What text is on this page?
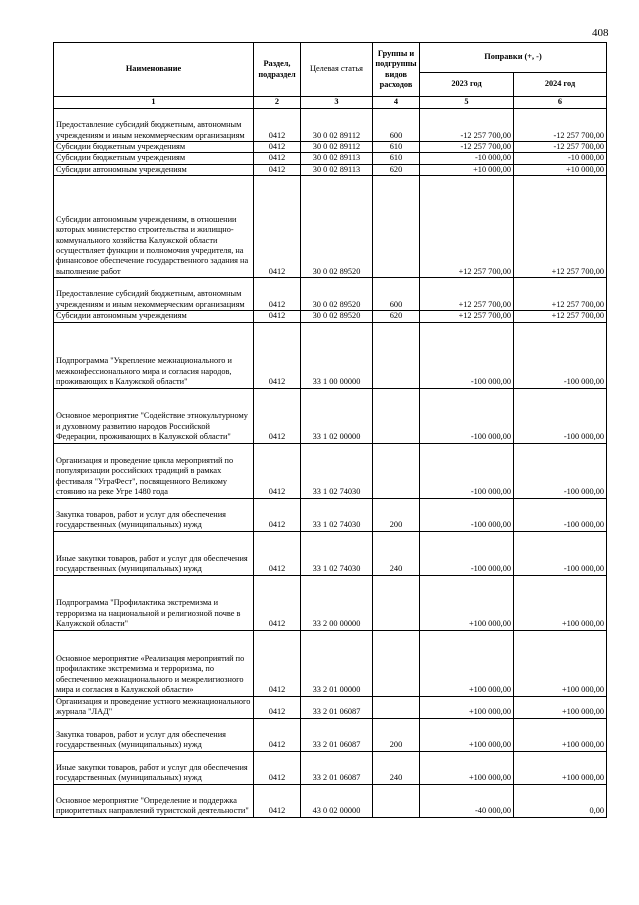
408
Наименование	Раздел, подраздел	Целевая статья	Группы и подгруппы видов расходов	Поправки (+, -)	
				2023 год	2024 год
1	2	3	4	5	6
Предоставление субсидий бюджетным, автономным учреждениям и иным некоммерческим организациям	0412	30 0 02 89112	600	-12 257 700,00	-12 257 700,00
Субсидии бюджетным учреждениям	0412	30 0 02 89112	610	-12 257 700,00	-12 257 700,00
Субсидии бюджетным учреждениям	0412	30 0 02 89113	610	-10 000,00	-10 000,00
Субсидии автономным учреждениям	0412	30 0 02 89113	620	+10 000,00	+10 000,00
Субсидии автономным учреждениям, в отношении которых министерство строительства и жилищно-коммунального хозяйства Калужской области осуществляет функции и полномочия учредителя, на финансовое обеспечение государственного задания на выполнение работ	0412	30 0 02 89520		+12 257 700,00	+12 257 700,00
Предоставление субсидий бюджетным, автономным учреждениям и иным некоммерческим организациям	0412	30 0 02 89520	600	+12 257 700,00	+12 257 700,00
Субсидии автономным учреждениям	0412	30 0 02 89520	620	+12 257 700,00	+12 257 700,00
Подпрограмма "Укрепление межнационального и межконфессионального мира и согласия народов, проживающих в Калужской области"	0412	33 1 00 00000		-100 000,00	-100 000,00
Основное мероприятие "Содействие этнокультурному и духовному развитию народов Российской Федерации, проживающих в Калужской области"	0412	33 1 02 00000		-100 000,00	-100 000,00
Организация и проведение цикла мероприятий по популяризации российских традиций в рамках фестиваля "УграФест", посвященного Великому стоянию на реке Угре 1480 года	0412	33 1 02 74030		-100 000,00	-100 000,00
Закупка товаров, работ и услуг для обеспечения государственных (муниципальных) нужд	0412	33 1 02 74030	200	-100 000,00	-100 000,00
Иные закупки товаров, работ и услуг для обеспечения государственных (муниципальных) нужд	0412	33 1 02 74030	240	-100 000,00	-100 000,00
Подпрограмма "Профилактика экстремизма и терроризма на национальной и религиозной почве в Калужской области"	0412	33 2 00 00000		+100 000,00	+100 000,00
Основное мероприятие «Реализация мероприятий по профилактике экстремизма и терроризма, по обеспечению межнационального и межрелигиозного мира и согласия в Калужской области»	0412	33 2 01 00000		+100 000,00	+100 000,00
Организация и проведение устного межнационального журнала "ЛАД"	0412	33 2 01 06087		+100 000,00	+100 000,00
Закупка товаров, работ и услуг для обеспечения государственных (муниципальных) нужд	0412	33 2 01 06087	200	+100 000,00	+100 000,00
Иные закупки товаров, работ и услуг для обеспечения государственных (муниципальных) нужд	0412	33 2 01 06087	240	+100 000,00	+100 000,00
Основное мероприятие "Определение и поддержка приоритетных направлений туристской деятельности"	0412	43 0 02 00000		-40 000,00	0,00
